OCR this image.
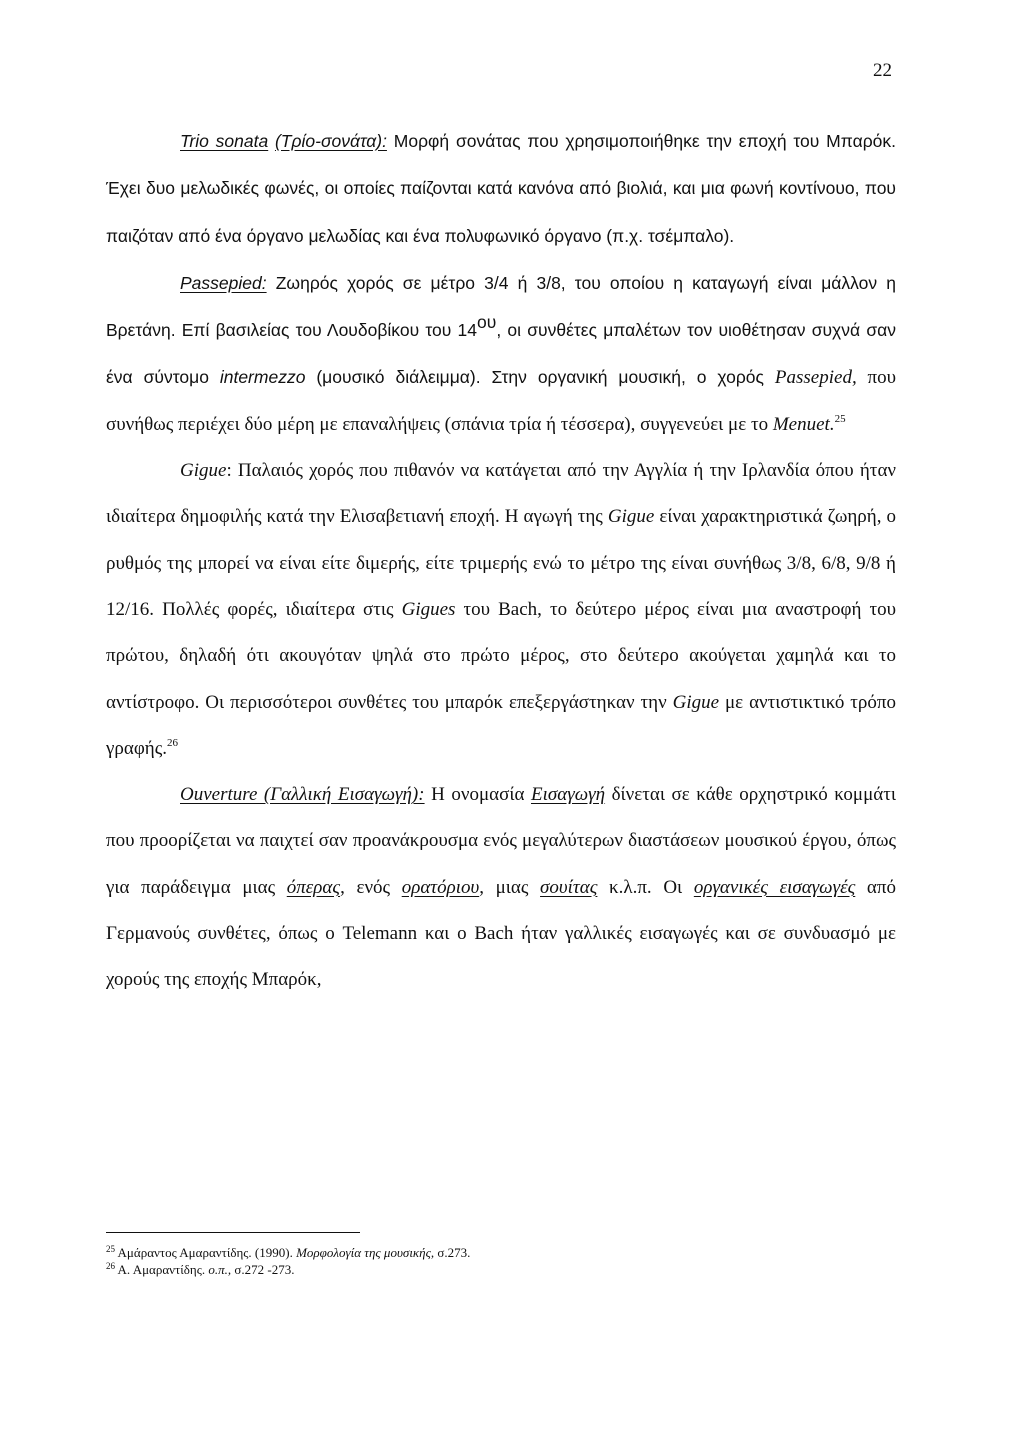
22

Trio sonata (Τρίο-σονάτα): Μορφή σονάτας που χρησιμοποιήθηκε την εποχή του Μπαρόκ. Έχει δυο μελωδικές φωνές, οι οποίες παίζονται κατά κανόνα από βιολιά, και μια φωνή κοντίνουο, που παιζόταν από ένα όργανο μελωδίας και ένα πολυφωνικό όργανο (π.χ. τσέμπαλο).

Passepied: Ζωηρός χορός σε μέτρο 3/4 ή 3/8, του οποίου η καταγωγή είναι μάλλον η Βρετάνη. Επί βασιλείας του Λουδοβίκου του $14^{o\upsilon}$, οι συνθέτες μπαλέτων τον υιοθέτησαν συχνά σαν ένα σύντομο intermezzo (μουσικό διάλειμμα). Στην οργανική μουσική, ο χορός Passepied, που συνήθως περιέχει δύο μέρη με επαναλήψεις (σπάνια τρία ή τέσσερα), συγγενεύει με το Menuet.$^{25}$

Gigue: Παλαιός χορός που πιθανόν να κατάγεται από την Αγγλία ή την Ιρλανδία όπου ήταν ιδιαίτερα δημοφιλής κατά την Ελισαβετιανή εποχή. Η αγωγή της Gigue είναι χαρακτηριστικά ζωηρή, ο ρυθμός της μπορεί να είναι είτε διμερής, είτε τριμερής ενώ το μέτρο της είναι συνήθως 3/8, 6/8, 9/8 ή 12/16. Πολλές φορές, ιδιαίτερα στις Gigues του Bach, το δεύτερο μέρος είναι μια αναστροφή του πρώτου, δηλαδή ότι ακουγόταν ψηλά στο πρώτο μέρος, στο δεύτερο ακούγεται χαμηλά και το αντίστροφο. Οι περισσότεροι συνθέτες του μπαρόκ επεξεργάστηκαν την Gigue με αντιστικτικό τρόπο γραφής.$^{26}$

Ouverture (Γαλλική Εισαγωγή): Η ονομασία Εισαγωγή δίνεται σε κάθε ορχηστρικό κομμάτι που προορίζεται να παιχτεί σαν προανάκρουσμα ενός μεγαλύτερων διαστάσεων μουσικού έργου, όπως για παράδειγμα μιας όπερας, ενός ορατόριου, μιας σουίτας κ.λ.π. Οι οργανικές εισαγωγές από Γερμανούς συνθέτες, όπως ο Telemann και ο Bach ήταν γαλλικές εισαγωγές και σε συνδυασμό με χορούς της εποχής Μπαρόκ,

$^{25}$ Αμάραντος Αμαραντίδης. (1990). Μορφολογία της μουσικής, σ.273.

$^{26}$ Α. Αμαραντίδης. ο.π., σ.272 -273.
